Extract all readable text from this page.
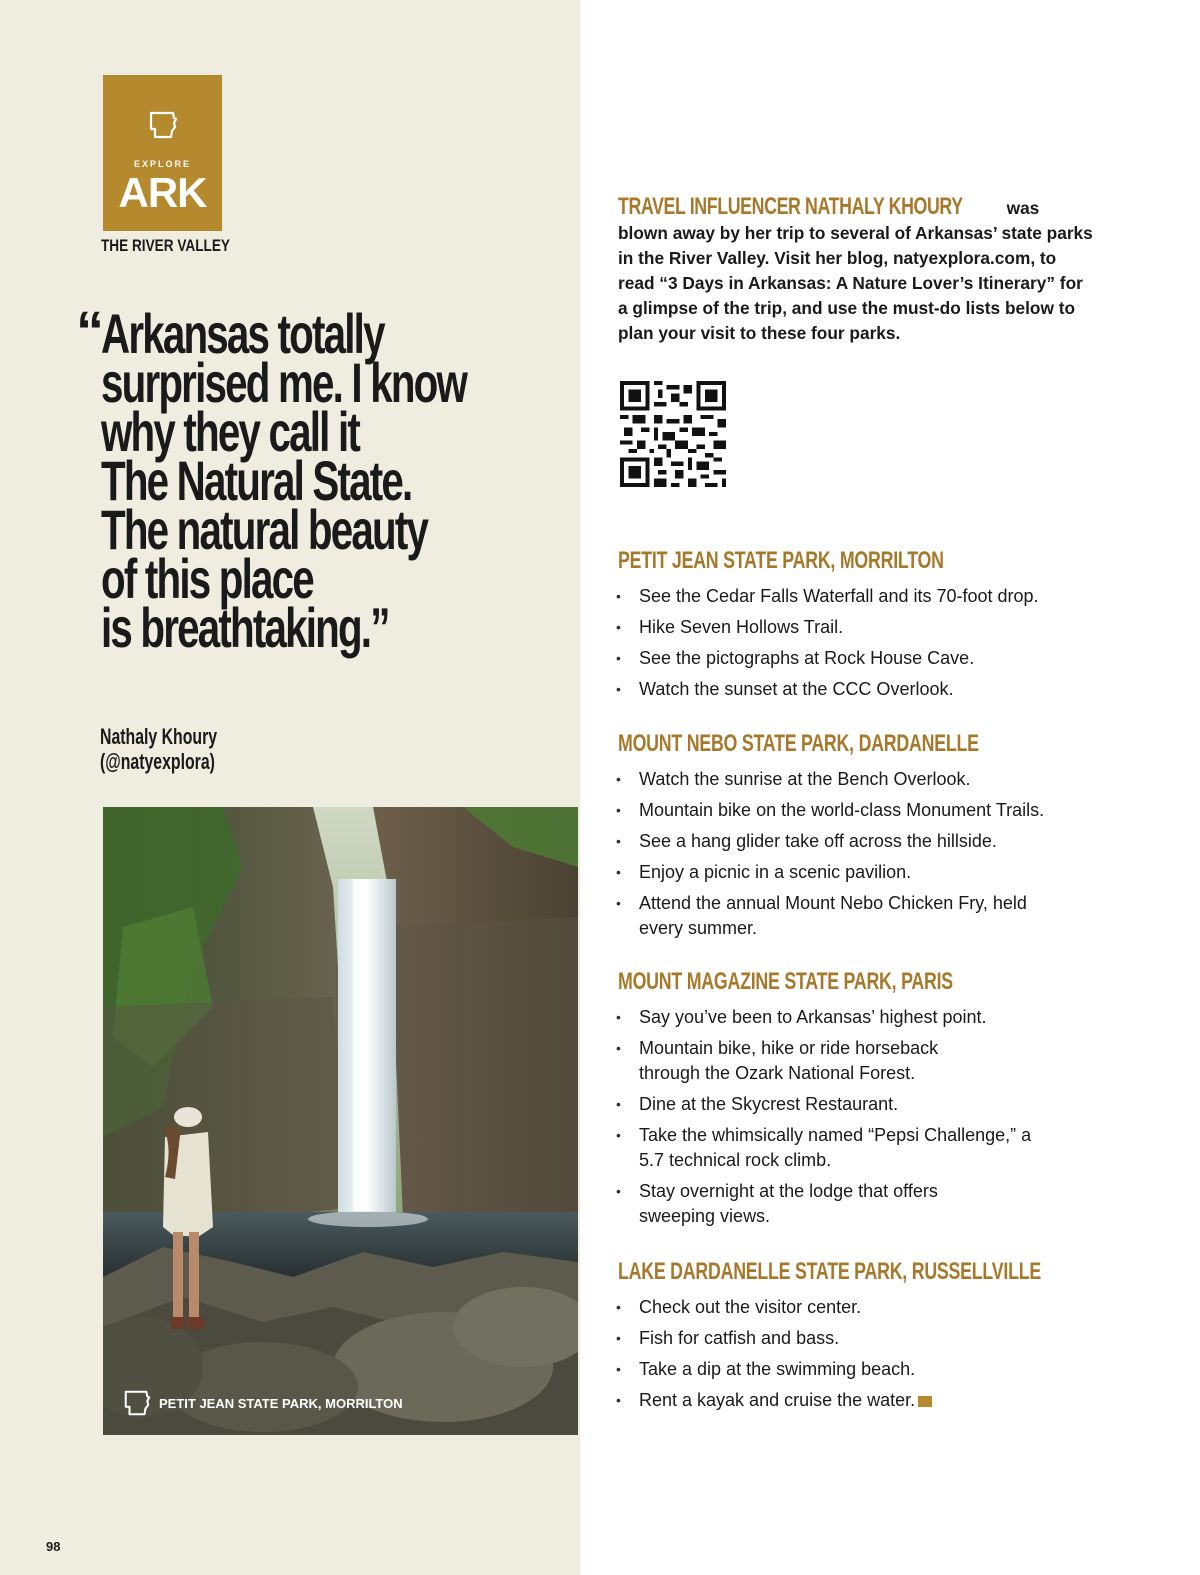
EXPLORE
ARK
THE RIVER VALLEY
“

Arkansas totally

surprised me. I know

why they call it

The Natural State.

The natural beauty

of this place

is breathtaking.”

Nathaly Khoury
(@natyexplora)
PETIT JEAN STATE PARK, MORRILTON
98
TRAVEL INFLUENCER NATHALY KHOURY	was blown away by her trip to several of Arkansas’ state parks in the River Valley. Visit her blog, natyexplora.com, to read “3 Days in Arkansas: A Nature Lover’s Itinerary” for a glimpse of the trip, and use the must-do lists below to plan your visit to these four parks.
PETIT JEAN STATE PARK, MORRILTON
• See the Cedar Falls Waterfall and its 70-foot drop.
• Hike Seven Hollows Trail.
• See the pictographs at Rock House Cave.
• Watch the sunset at the CCC Overlook.
MOUNT NEBO STATE PARK, DARDANELLE
• Watch the sunrise at the Bench Overlook.
• Mountain bike on the world-class Monument Trails.
• See a hang glider take off across the hillside.
• Enjoy a picnic in a scenic pavilion.
• Attend the annual Mount Nebo Chicken Fry, held every summer.
MOUNT MAGAZINE STATE PARK, PARIS
• Say you’ve been to Arkansas’ highest point.
• Mountain bike, hike or ride horseback through the Ozark National Forest.
• Dine at the Skycrest Restaurant.
• Take the whimsically named “Pepsi Challenge,” a 5.7 technical rock climb.
• Stay overnight at the lodge that offers sweeping views.
LAKE DARDANELLE STATE PARK, RUSSELLVILLE
• Check out the visitor center.
• Fish for catfish and bass.
• Take a dip at the swimming beach.
• Rent a kayak and cruise the water.
